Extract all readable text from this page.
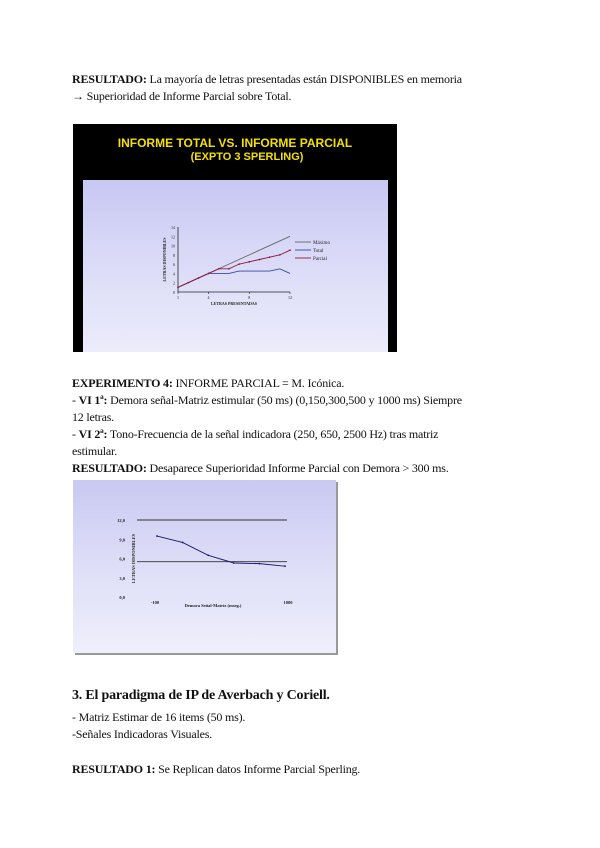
RESULTADO: La mayoría de letras presentadas están DISPONIBLES en memoria
→ Superioridad de Informe Parcial sobre Total.
INFORME TOTAL VS. INFORME PARCIAL
(EXPTO 3 SPERLING)
0
2
4
6
8
10
12
14
1	4	8	12
LETRAS PRESENTADAS
LETRAS DISPONIBLES	Máximo
Total
Parcial
EXPERIMENTO 4: INFORME PARCIAL = M. Icónica.
- VI 1ª: Demora señal-Matriz estimular (50 ms) (0,150,300,500 y 1000 ms) Siempre
12 letras.
- VI 2ª: Tono-Frecuencia de la señal indicadora (250, 650, 2500 Hz) tras matriz
estimular.
RESULTADO: Desaparece Superioridad Informe Parcial con Demora > 300 ms.
0,0
3,0
6,0
9,0
12,0
LETRAS DISPONIBLES
-100	1000
Demora Señal-Matriz (mseg.)
3. El paradigma de IP de Averbach y Coriell.
- Matriz Estimar de 16 items (50 ms).
-Señales Indicadoras Visuales.
RESULTADO 1: Se Replican datos Informe Parcial Sperling.
